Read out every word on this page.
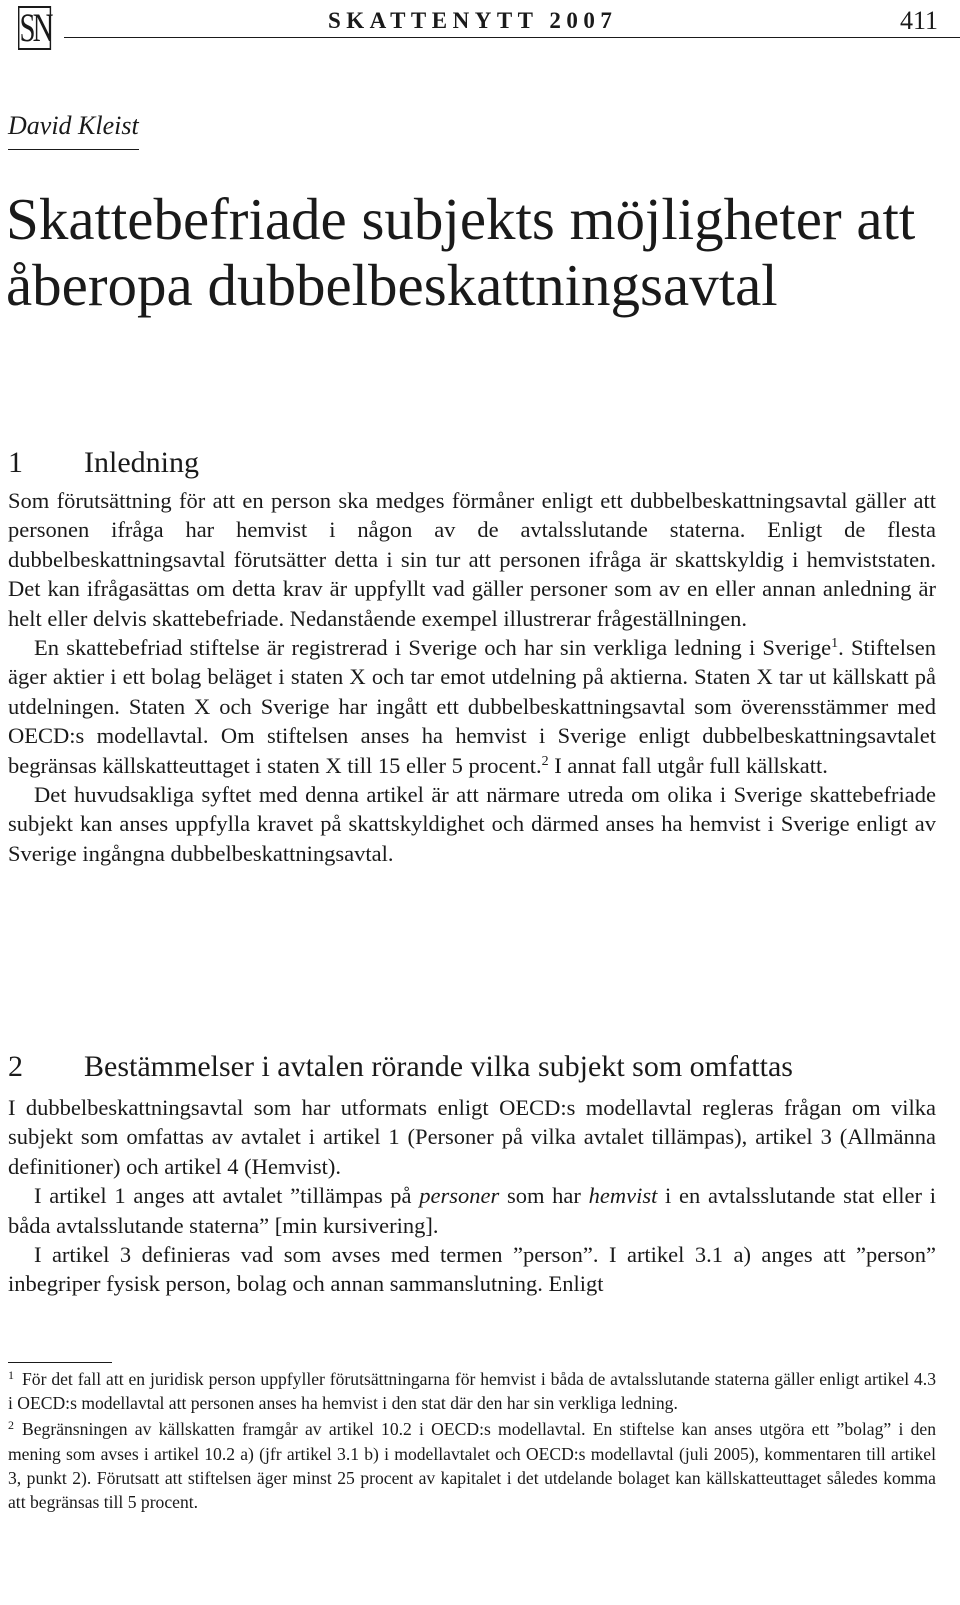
SN	SKATTENYTT 2007	411
David Kleist
Skattebefriade subjekts möjligheter att åberopa dubbelbeskattningsavtal
1 Inledning

Som förutsättning för att en person ska medges förmåner enligt ett dubbelbeskattningsavtal gäller att personen ifråga har hemvist i någon av de avtalsslutande staterna. Enligt de flesta dubbelbeskattningsavtal förutsätter detta i sin tur att personen ifråga är skattskyldig i hemviststaten. Det kan ifrågasättas om detta krav är uppfyllt vad gäller personer som av en eller annan anledning är helt eller delvis skattebefriade. Nedanstående exempel illustrerar frågeställningen.

En skattebefriad stiftelse är registrerad i Sverige och har sin verkliga ledning i Sverige$^1$. Stiftelsen äger aktier i ett bolag beläget i staten X och tar emot utdelning på aktierna. Staten X tar ut källskatt på utdelningen. Staten X och Sverige har ingått ett dubbelbeskattningsavtal som överensstämmer med OECD:s modellavtal. Om stiftelsen anses ha hemvist i Sverige enligt dubbelbeskattningsavtalet begränsas källskatteuttaget i staten X till 15 eller 5 procent.$^2$ I annat fall utgår full källskatt.

Det huvudsakliga syftet med denna artikel är att närmare utreda om olika i Sverige skattebefriade subjekt kan anses uppfylla kravet på skattskyldighet och därmed anses ha hemvist i Sverige enligt av Sverige ingångna dubbelbeskattningsavtal.

2 Bestämmelser i avtalen rörande vilka subjekt som omfattas

I dubbelbeskattningsavtal som har utformats enligt OECD:s modellavtal regleras frågan om vilka subjekt som omfattas av avtalet i artikel 1 (Personer på vilka avtalet tillämpas), artikel 3 (Allmänna definitioner) och artikel 4 (Hemvist).

I artikel 1 anges att avtalet ”tillämpas på personer som har hemvist i en avtalsslutande stat eller i båda avtalsslutande staterna” [min kursivering].

I artikel 3 definieras vad som avses med termen ”person”. I artikel 3.1 a) anges att ”person” inbegriper fysisk person, bolag och annan sammanslutning. Enligt

$^1$ För det fall att en juridisk person uppfyller förutsättningarna för hemvist i båda de avtalsslutande staterna gäller enligt artikel 4.3 i OECD:s modellavtal att personen anses ha hemvist i den stat där den har sin verkliga ledning.

$^2$ Begränsningen av källskatten framgår av artikel 10.2 i OECD:s modellavtal. En stiftelse kan anses utgöra ett ”bolag” i den mening som avses i artikel 10.2 a) (jfr artikel 3.1 b) i modellavtalet och OECD:s modellavtal (juli 2005), kommentaren till artikel 3, punkt 2). Förutsatt att stiftelsen äger minst 25 procent av kapitalet i det utdelande bolaget kan källskatteuttaget således komma att begränsas till 5 procent.
